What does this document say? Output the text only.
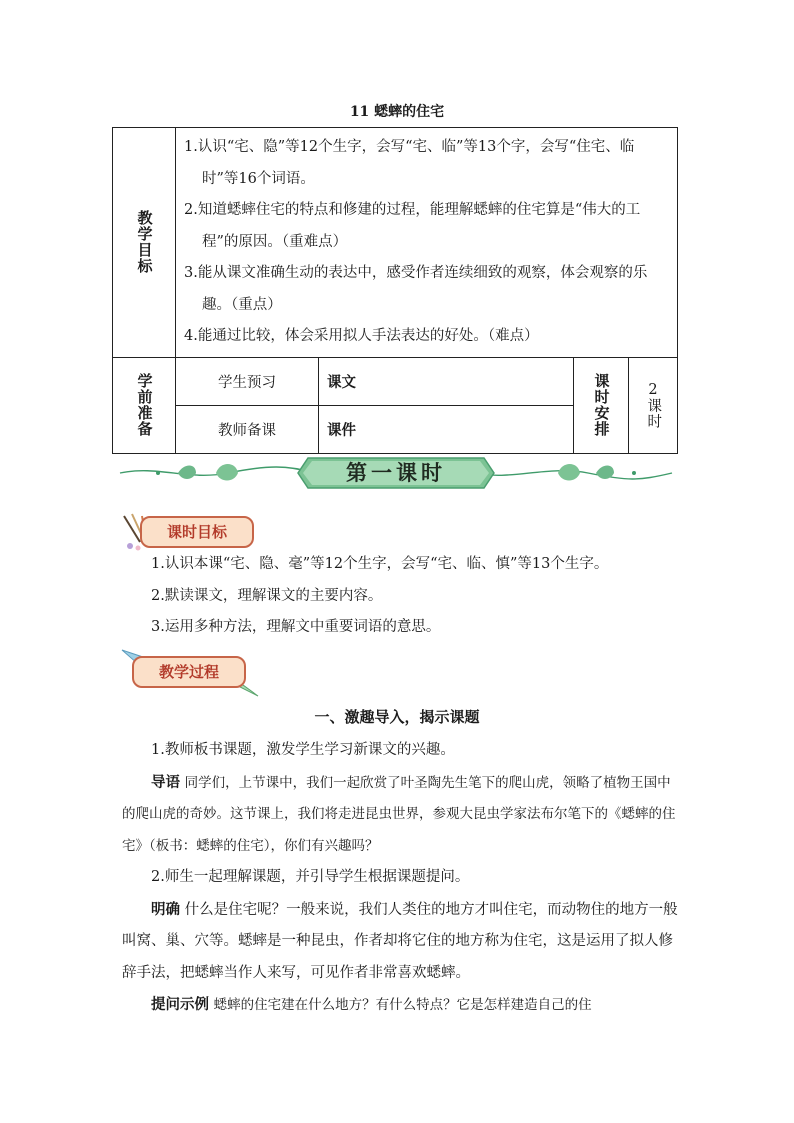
11 蟋蟀的住宅
教学目标	1.认识“宅、隐”等12个生字，会写“宅、临”等13个字，会写“住宅、临时”等16个词语。
2.知道蟋蟀住宅的特点和修建的过程，能理解蟋蟀的住宅算是“伟大的工程”的原因。（重难点）
3.能从课文准确生动的表达中，感受作者连续细致的观察，体会观察的乐趣。（重点）
4.能通过比较，体会采用拟人手法表达的好处。（难点）			

学前准备	学生预习	课文	课时安排	2
课时

	教师备课	课件		
第一课时
课时目标
1.认识本课“宅、隐、毫”等12个生字，会写“宅、临、慎”等13个生字。
2.默读课文，理解课文的主要内容。
3.运用多种方法，理解文中重要词语的意思。
教学过程
一、激趣导入，揭示课题
1.教师板书课题，激发学生学习新课文的兴趣。
导语 同学们，上节课中，我们一起欣赏了叶圣陶先生笔下的爬山虎，领略了植物王国中的爬山虎的奇妙。这节课上，我们将走进昆虫世界，参观大昆虫学家法布尔笔下的《蟋蟀的住宅》（板书：蟋蟀的住宅），你们有兴趣吗？
2.师生一起理解课题，并引导学生根据课题提问。
明确 什么是住宅呢？一般来说，我们人类住的地方才叫住宅，而动物住的地方一般叫窝、巢、穴等。蟋蟀是一种昆虫，作者却将它住的地方称为住宅，这是运用了拟人修辞手法，把蟋蟀当作人来写，可见作者非常喜欢蟋蟀。
提问示例 蟋蟀的住宅建在什么地方？有什么特点？它是怎样建造自己的住
